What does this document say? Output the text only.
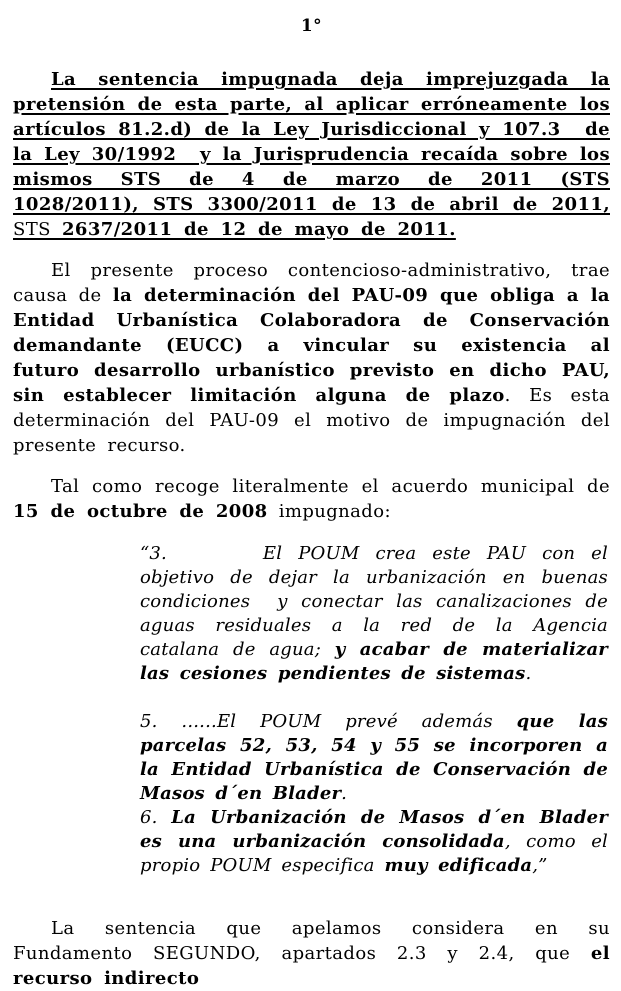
1°

La sentencia impugnada deja imprejuzgada la pretensión de esta parte, al aplicar erróneamente los artículos 81.2.d) de la Ley Jurisdiccional y 107.3  de la Ley 30/1992  y la Jurisprudencia recaída sobre los mismos STS de 4 de marzo de 2011 (STS 1028/2011), STS 3300/2011 de 13 de abril de 2011, STS 2637/2011 de 12 de mayo de 2011.

El presente proceso contencioso-administrativo, trae causa de la determinación del PAU-09 que obliga a la Entidad Urbanística Colaboradora de Conservación demandante (EUCC) a vincular su existencia al futuro desarrollo urbanístico previsto en dicho PAU, sin establecer limitación alguna de plazo. Es esta determinación del PAU-09 el motivo de impugnación del presente recurso.

Tal como recoge literalmente el acuerdo municipal de 15 de octubre de 2008 impugnado:

“3.      El POUM crea este PAU con el objetivo de dejar la urbanización en buenas condiciones  y conectar las canalizaciones de aguas residuales a la red de la Agencia catalana de agua; y acabar de materializar las cesiones pendientes de sistemas.

5. ......El POUM prevé además que las parcelas 52, 53, 54 y 55 se incorporen a la Entidad Urbanística de Conservación de Masos d´en Blader.
6. La Urbanización de Masos d´en Blader es una urbanización consolidada, como el propio POUM especifica muy edificada,”

La sentencia que apelamos considera en su Fundamento SEGUNDO, apartados 2.3 y 2.4, que el recurso indirecto
